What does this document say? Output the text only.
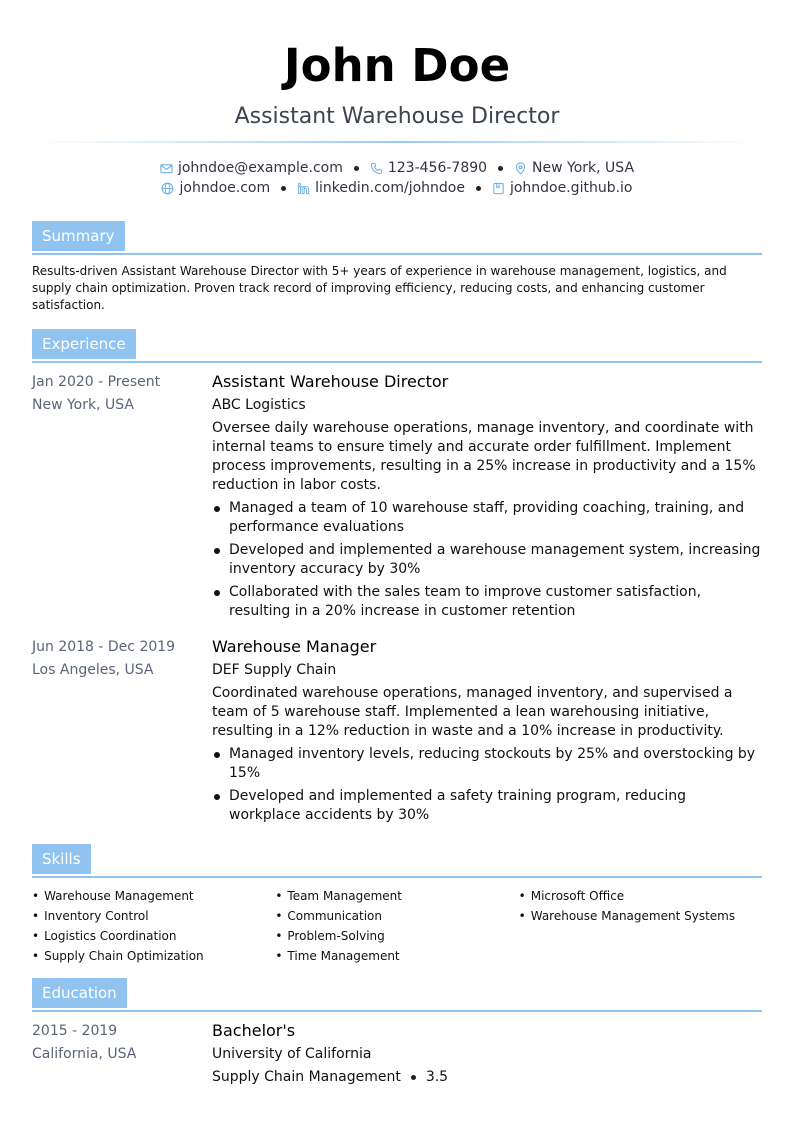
John Doe
Assistant Warehouse Director
johndoe@example.com	123-456-7890	New York, USA
johndoe.com	linkedin.com/johndoe	johndoe.github.io
Summary
Results-driven Assistant Warehouse Director with 5+ years of experience in warehouse management, logistics, and supply chain optimization. Proven track record of improving efficiency, reducing costs, and enhancing customer satisfaction.
Experience
Jan 2020 - Present
New York, USA
Assistant Warehouse Director
ABC Logistics
Oversee daily warehouse operations, manage inventory, and coordinate with internal teams to ensure timely and accurate order fulfillment. Implement process improvements, resulting in a 25% increase in productivity and a 15% reduction in labor costs.
Managed a team of 10 warehouse staff, providing coaching, training, and performance evaluations
Developed and implemented a warehouse management system, increasing inventory accuracy by 30%
Collaborated with the sales team to improve customer satisfaction, resulting in a 20% increase in customer retention
Jun 2018 - Dec 2019
Los Angeles, USA
Warehouse Manager
DEF Supply Chain
Coordinated warehouse operations, managed inventory, and supervised a team of 5 warehouse staff. Implemented a lean warehousing initiative, resulting in a 12% reduction in waste and a 10% increase in productivity.
Managed inventory levels, reducing stockouts by 25% and overstocking by 15%
Developed and implemented a safety training program, reducing workplace accidents by 30%
Skills
• Warehouse Management
• Inventory Control
• Logistics Coordination
• Supply Chain Optimization
• Team Management
• Communication
• Problem-Solving
• Time Management
• Microsoft Office
• Warehouse Management Systems
Education
2015 - 2019
California, USA
Bachelor's
University of California
Supply Chain Management 3.5
